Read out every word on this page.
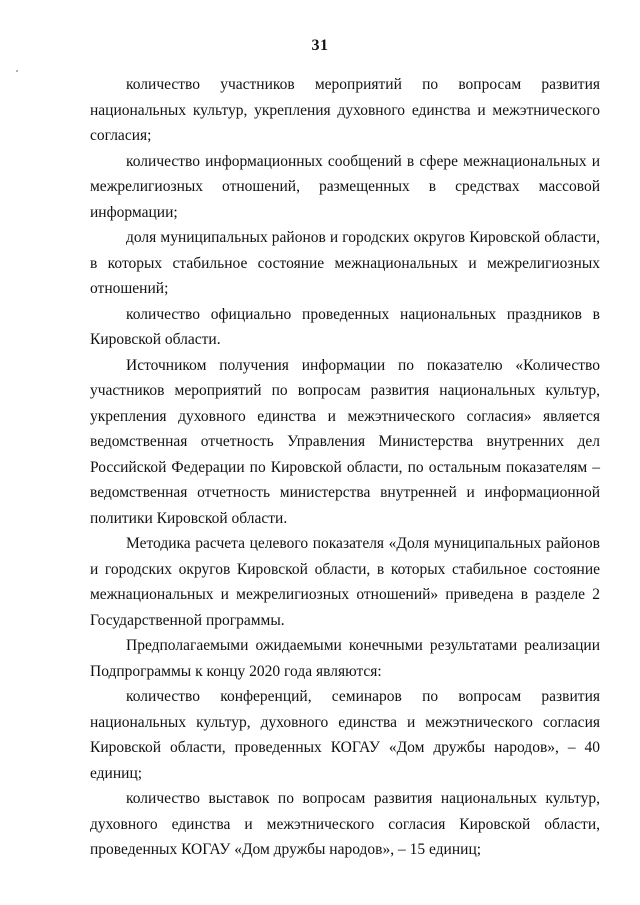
31

количество участников мероприятий по вопросам развития национальных культур, укрепления духовного единства и межэтнического согласия;

количество информационных сообщений в сфере межнациональных и межрелигиозных отношений, размещенных в средствах массовой информации;

доля муниципальных районов и городских округов Кировской области, в которых стабильное состояние межнациональных и межрелигиозных отношений;

количество официально проведенных национальных праздников в Кировской области.

Источником получения информации по показателю «Количество участников мероприятий по вопросам развития национальных культур, укрепления духовного единства и межэтнического согласия» является ведомственная отчетность Управления Министерства внутренних дел Российской Федерации по Кировской области, по остальным показателям – ведомственная отчетность министерства внутренней и информационной политики Кировской области.

Методика расчета целевого показателя «Доля муниципальных районов и городских округов Кировской области, в которых стабильное состояние межнациональных и межрелигиозных отношений» приведена в разделе 2 Государственной программы.

Предполагаемыми ожидаемыми конечными результатами реализации Подпрограммы к концу 2020 года являются:

количество конференций, семинаров по вопросам развития национальных культур, духовного единства и межэтнического согласия Кировской области, проведенных КОГАУ «Дом дружбы народов», – 40 единиц;

количество выставок по вопросам развития национальных культур, духовного единства и межэтнического согласия Кировской области, проведенных КОГАУ «Дом дружбы народов», – 15 единиц;
